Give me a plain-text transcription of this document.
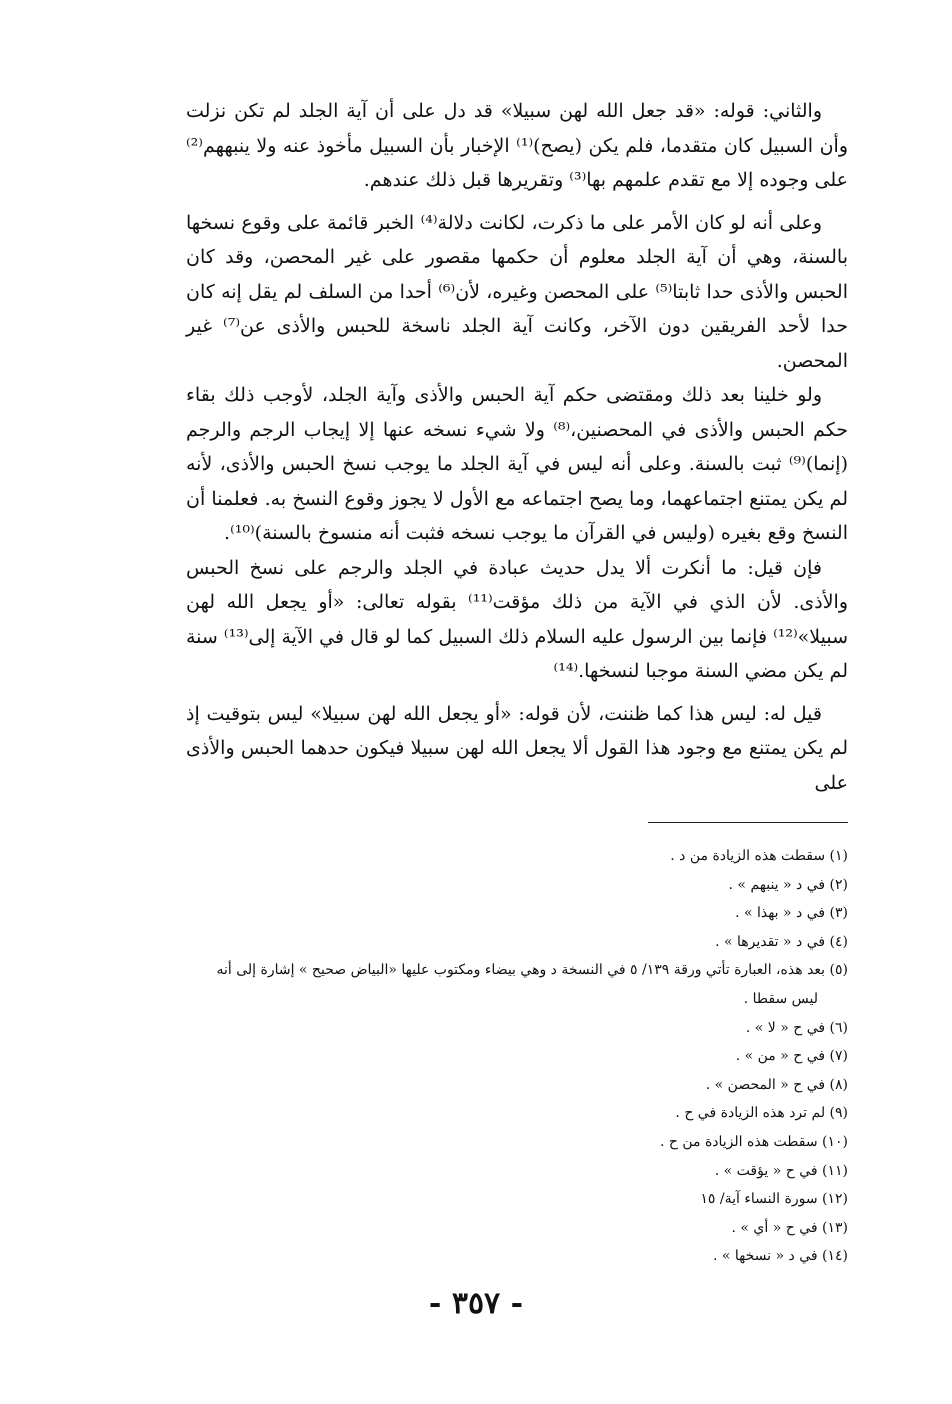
والثاني: قوله: «قد جعل الله لهن سبيلا» قد دل على أن آية الجلد لم تكن نزلت وأن السبيل كان متقدما، فلم يكن (يصح)⁽¹⁾ الإخبار بأن السبيل مأخوذ عنه ولا ينبههم⁽²⁾ على وجوده إلا مع تقدم علمهم بها⁽³⁾ وتقريرها قبل ذلك عندهم.

وعلى أنه لو كان الأمر على ما ذكرت، لكانت دلالة⁽⁴⁾ الخبر قائمة على وقوع نسخها بالسنة، وهي أن آية الجلد معلوم أن حكمها مقصور على غير المحصن، وقد كان الحبس والأذى حدا ثابتا⁽⁵⁾ على المحصن وغيره، لأن⁽⁶⁾ أحدا من السلف لم يقل إنه كان حدا لأحد الفريقين دون الآخر، وكانت آية الجلد ناسخة للحبس والأذى عن⁽⁷⁾ غير المحصن.

ولو خلينا بعد ذلك ومقتضى حكم آية الحبس والأذى وآية الجلد، لأوجب ذلك بقاء حكم الحبس والأذى في المحصنين،⁽⁸⁾ ولا شيء نسخه عنها إلا إيجاب الرجم والرجم (إنما)⁽⁹⁾ ثبت بالسنة. وعلى أنه ليس في آية الجلد ما يوجب نسخ الحبس والأذى، لأنه لم يكن يمتنع اجتماعهما، وما يصح اجتماعه مع الأول لا يجوز وقوع النسخ به. فعلمنا أن النسخ وقع بغيره (وليس في القرآن ما يوجب نسخه فثبت أنه منسوخ بالسنة)⁽¹⁰⁾.

فإن قيل: ما أنكرت ألا يدل حديث عبادة في الجلد والرجم على نسخ الحبس والأذى. لأن الذي في الآية من ذلك مؤقت⁽¹¹⁾ بقوله تعالى: «أو يجعل الله لهن سبيلا»⁽¹²⁾ فإنما بين الرسول عليه السلام ذلك السبيل كما لو قال في الآية إلى⁽¹³⁾ سنة لم يكن مضي السنة موجبا لنسخها.⁽¹⁴⁾

قيل له: ليس هذا كما ظننت، لأن قوله: «أو يجعل الله لهن سبيلا» ليس بتوقيت إذ لم يكن يمتنع مع وجود هذا القول ألا يجعل الله لهن سبيلا فيكون حدهما الحبس والأذى على

(١) سقطت هذه الزيادة من د .

(٢) في د « ينبهم » .

(٣) في د « بهذا » .

(٤) في د « تقديرها » .

(٥) بعد هذه، العبارة تأتي ورقة ١٣٩/ ٥ في النسخة د وهي بيضاء ومكتوب عليها «البياض صحيح » إشارة إلى أنه

ليس سقطا .

(٦) في ح « لا » .

(٧) في ح « من » .

(٨) في ح « المحصن » .

(٩) لم ترد هذه الزيادة في ح .

(١٠) سقطت هذه الزيادة من ح .

(١١) في ح « يؤقت » .

(١٢) سورة النساء آية/ ١٥

(١٣) في ح « أي » .

(١٤) في د « نسخها » .

- ٣٥٧ -
